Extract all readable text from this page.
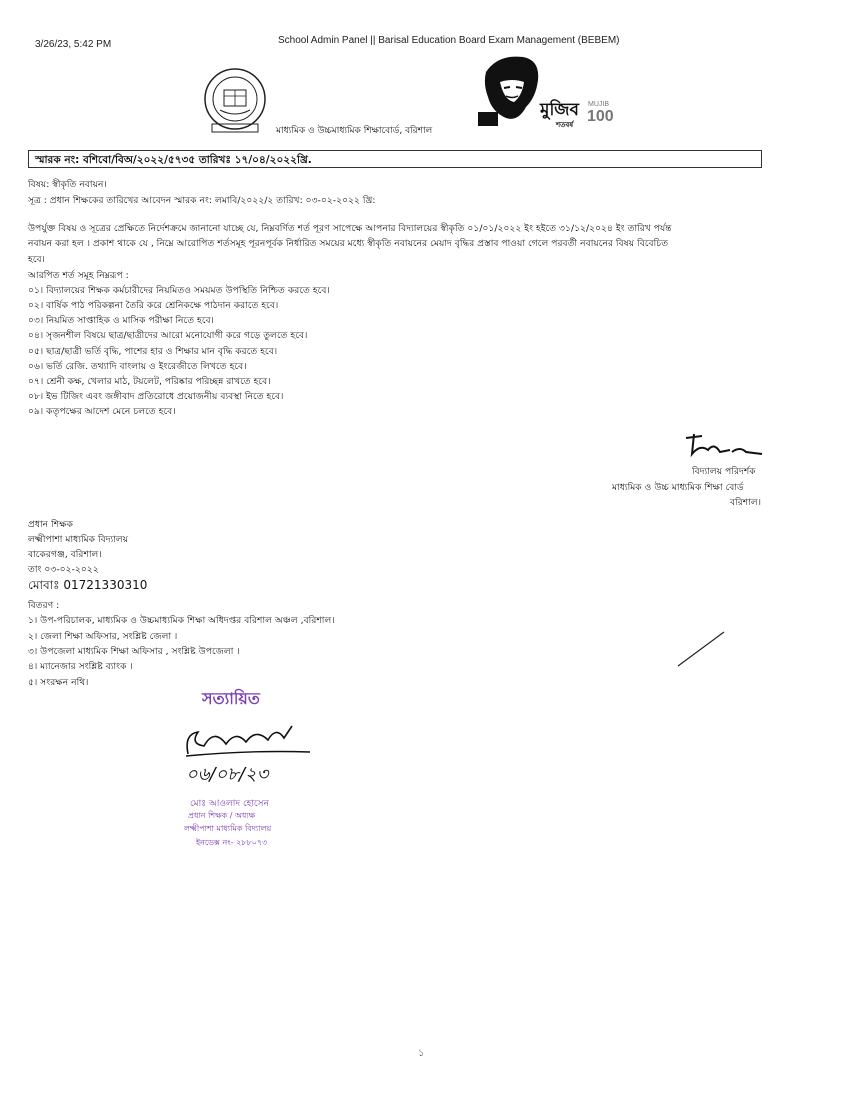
3/26/23, 5:42 PM	School Admin Panel || Barisal Education Board Exam Management (BEBEM)
মাধ্যমিক ও উচ্চমাধ্যমিক শিক্ষাবোর্ড, বরিশাল
মুজিব
শতবর্ষ
MUJIB
100
স্মারক নং: বশিবো/বিঅ/২০২২/৫৭৩৫ তারিখঃ ১৭/০৪/২০২২খ্রি.
বিষয়: স্বীকৃতি নবায়ন।
সূত্র : প্রধান শিক্ষকের তারিখের আবেদন স্মারক নং: লমাবি/২০২২/২ তারিখ: ০৩-০২-২০২২ খ্রি:
উপর্যুক্ত বিষয় ও সূত্রের প্রেক্ষিতে নির্দেশক্রমে জানানো যাচ্ছে যে, নিম্নবর্ণিত শর্ত পূরণ সাপেক্ষে আপনার বিদ্যালয়ের স্বীকৃতি ০১/০১/২০২২ ইং হইতে ৩১/১২/২০২৪ ইং তারিখ পর্যন্ত
নবায়ন করা হল । প্রকাশ থাকে যে , নিম্নে আরোপিত শর্তসমূহ পূরনপূর্বক নির্ধারিত সময়ের মধ্যে স্বীকৃতি নবায়নের মেয়াদ বৃদ্ধির প্রস্তাব পাওয়া গেলে পরবর্তী নবায়নের বিষয় বিবেচিত
হবে।
আরপিত শর্ত সমূহ নিম্নরূপ :
০১। বিদ্যালয়ের শিক্ষক কর্মচারীদের নিয়মিতও সময়মত উপস্থিতি নিশ্চিত করতে হবে।
০২। বার্ষিক পাঠ পরিকল্পনা তৈরি করে শ্রেনিকক্ষে পাঠদান করাতে হবে।
০৩। নিয়মিত সাপ্তাহিক ও মাসিক পরীক্ষা নিতে হবে।
০৪। সৃজনশীল বিষয়ে ছাত্র/ছাত্রীদের আরো মনোযোগী করে গড়ে তুলতে হবে।
০৫। ছাত্র/ছাত্রী ভর্তি বৃদ্ধি, পাশের হার ও শিক্ষার মান বৃদ্ধি করতে হবে।
০৬। ভর্তি রেজি. তথ্যাদি বাংলায় ও ইংরেজীতে লিখতে হবে।
০৭। শ্রেনী কক্ষ, খেলার মাঠ, টয়লেট, পরিষ্কার পরিচ্ছন্ন রাখতে হবে।
০৮। ইভ টিজিং এবং জঙ্গীবাদ প্রতিরোধে প্রয়োজনীয় ব্যবস্থা নিতে হবে।
০৯। কতৃপক্ষের আদেশ মেনে চলতে হবে।
বিদ্যালয় পরিদর্শক
মাধ্যমিক ও উচ্চ মাধ্যমিক শিক্ষা বোর্ড
বরিশাল।
প্রধান শিক্ষক
লক্ষ্মীপাশা মাধ্যমিক বিদ্যালয়
বাকেরগঞ্জ, বরিশাল।
তাং ০৩-০২-২০২২
মোবাঃ 01721330310
বিতরণ :
১। উপ-পরিচালক, মাধ্যমিক ও উচ্চমাধ্যমিক শিক্ষা অধিদপ্তর বরিশাল অঞ্চল ,বরিশাল।
২। জেলা শিক্ষা অফিসার, সংশ্লিষ্ট জেলা ।
৩। উপজেলা মাধ্যমিক শিক্ষা অফিসার , সংশ্লিষ্ট উপজেলা ।
৪। ম্যানেজার সংশ্লিষ্ট ব্যাংক ।
৫। সংরক্ষন নথি।
সত্যায়িত
০৬/০৮/২৩
মোঃ আওলাদ হোসেন
প্রধান শিক্ষক / অধ্যক্ষ
লক্ষ্মীপাশা মাধ্যমিক বিদ্যালয়
ইনডেক্স নং- ২৮৮০৭৩
১
